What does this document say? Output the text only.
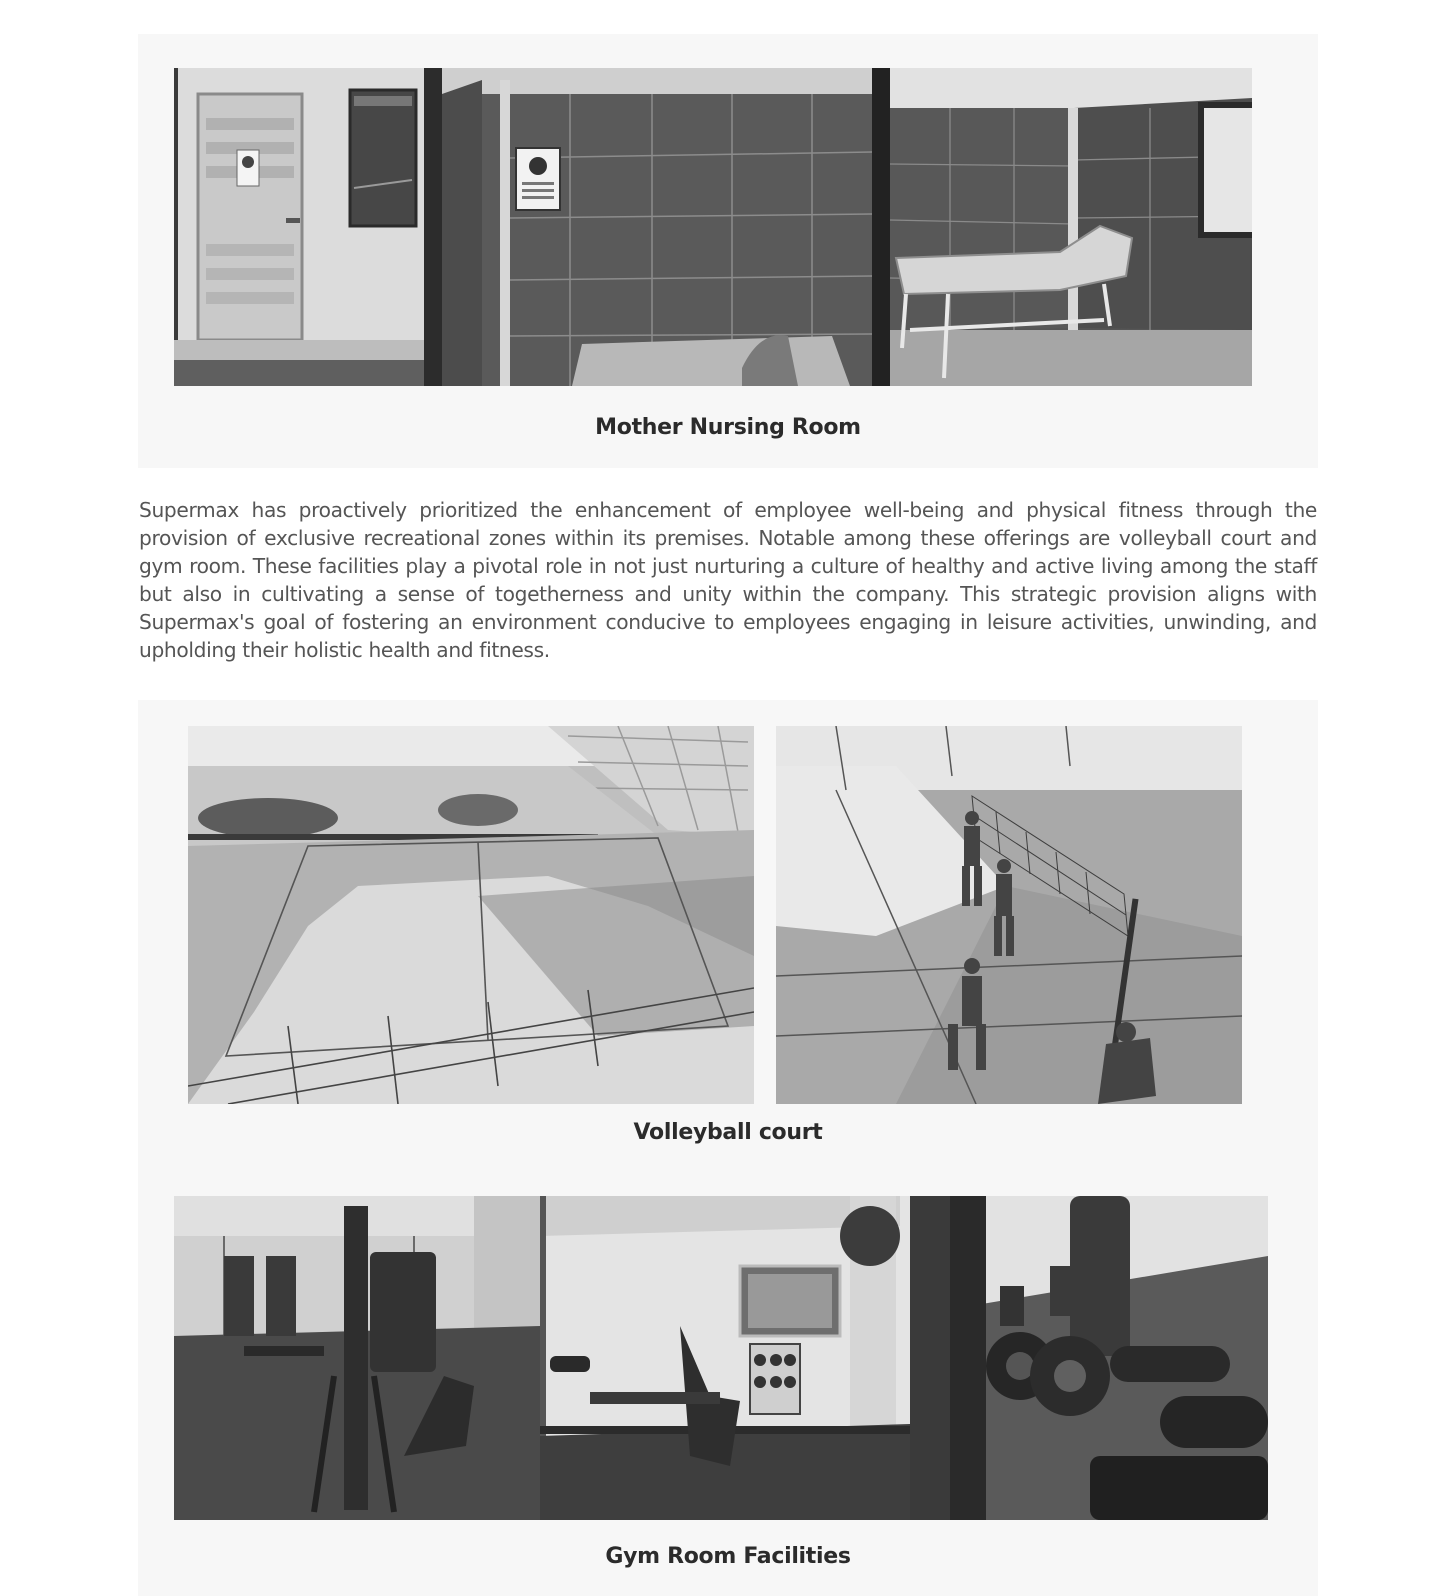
Mother Nursing Room

Supermax has proactively prioritized the enhancement of employee well-being and physical fitness through the provision of exclusive recreational zones within its premises. Notable among these offerings are volleyball court and gym room. These facilities play a pivotal role in not just nurturing a culture of healthy and active living among the staff but also in cultivating a sense of togetherness and unity within the company. This strategic provision aligns with Supermax's goal of fostering an environment conducive to employees engaging in leisure activities, unwinding, and upholding their holistic health and fitness.

Volleyball court
Gym Room Facilities
